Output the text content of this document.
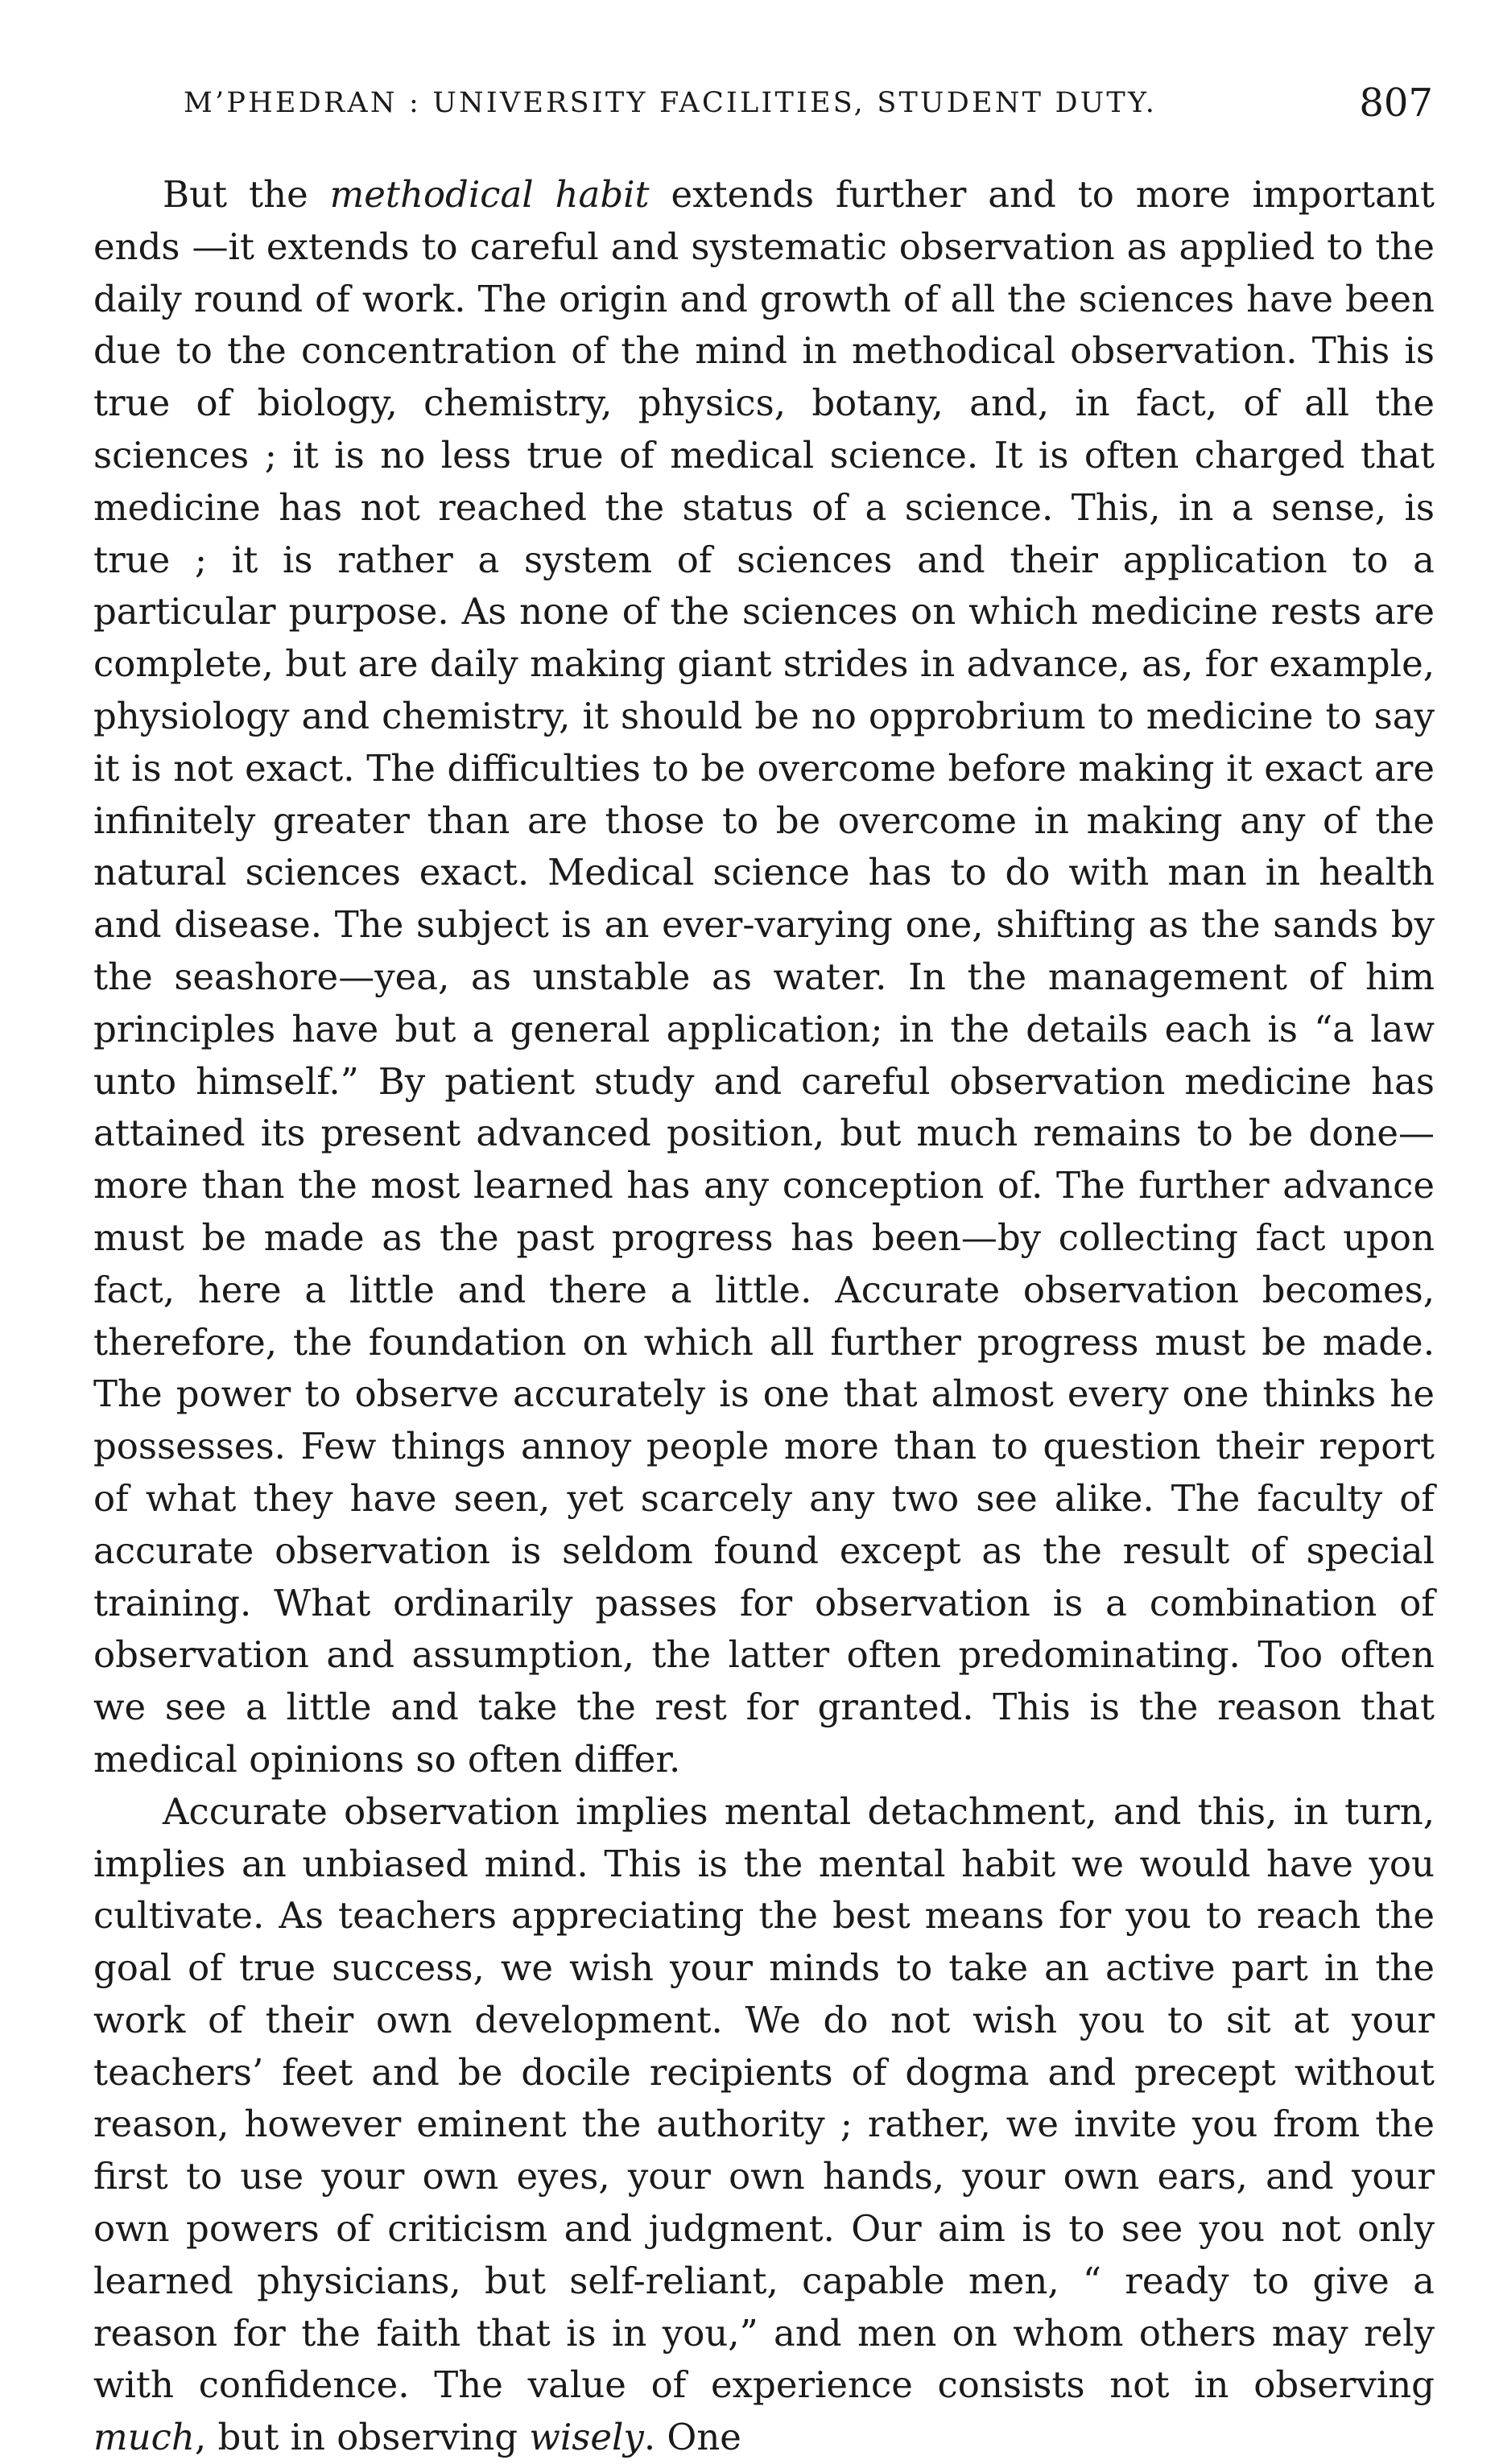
M’PHEDRAN : UNIVERSITY FACILITIES, STUDENT DUTY.	807

But the methodical habit extends further and to more important ends —it extends to careful and systematic observation as applied to the daily round of work. The origin and growth of all the sciences have been due to the concentration of the mind in methodical observation. This is true of biology, chemistry, physics, botany, and, in fact, of all the sciences ; it is no less true of medical science. It is often charged that medicine has not reached the status of a science. This, in a sense, is true ; it is rather a system of sciences and their application to a particular purpose. As none of the sciences on which medicine rests are complete, but are daily making giant strides in advance, as, for example, physiology and chemistry, it should be no opprobrium to medicine to say it is not exact. The difficulties to be overcome before making it exact are infinitely greater than are those to be overcome in making any of the natural sciences exact. Medical science has to do with man in health and disease. The subject is an ever-varying one, shifting as the sands by the seashore—yea, as unstable as water. In the management of him principles have but a general application; in the details each is “a law unto himself.” By patient study and careful observation medicine has attained its present advanced position, but much remains to be done—more than the most learned has any conception of. The further advance must be made as the past progress has been—by collecting fact upon fact, here a little and there a little. Accurate observation becomes, therefore, the foundation on which all further progress must be made. The power to observe accurately is one that almost every one thinks he possesses. Few things annoy people more than to question their report of what they have seen, yet scarcely any two see alike. The faculty of accurate observation is seldom found except as the result of special training. What ordinarily passes for observation is a combination of observation and assumption, the latter often predominating. Too often we see a little and take the rest for granted. This is the reason that medical opinions so often differ.

Accurate observation implies mental detachment, and this, in turn, implies an unbiased mind. This is the mental habit we would have you cultivate. As teachers appreciating the best means for you to reach the goal of true success, we wish your minds to take an active part in the work of their own development. We do not wish you to sit at your teachers’ feet and be docile recipients of dogma and precept without reason, however eminent the authority ; rather, we invite you from the first to use your own eyes, your own hands, your own ears, and your own powers of criticism and judgment. Our aim is to see you not only learned physicians, but self-reliant, capable men, “ ready to give a reason for the faith that is in you,” and men on whom others may rely with confidence. The value of experience consists not in observing much, but in observing wisely. One
